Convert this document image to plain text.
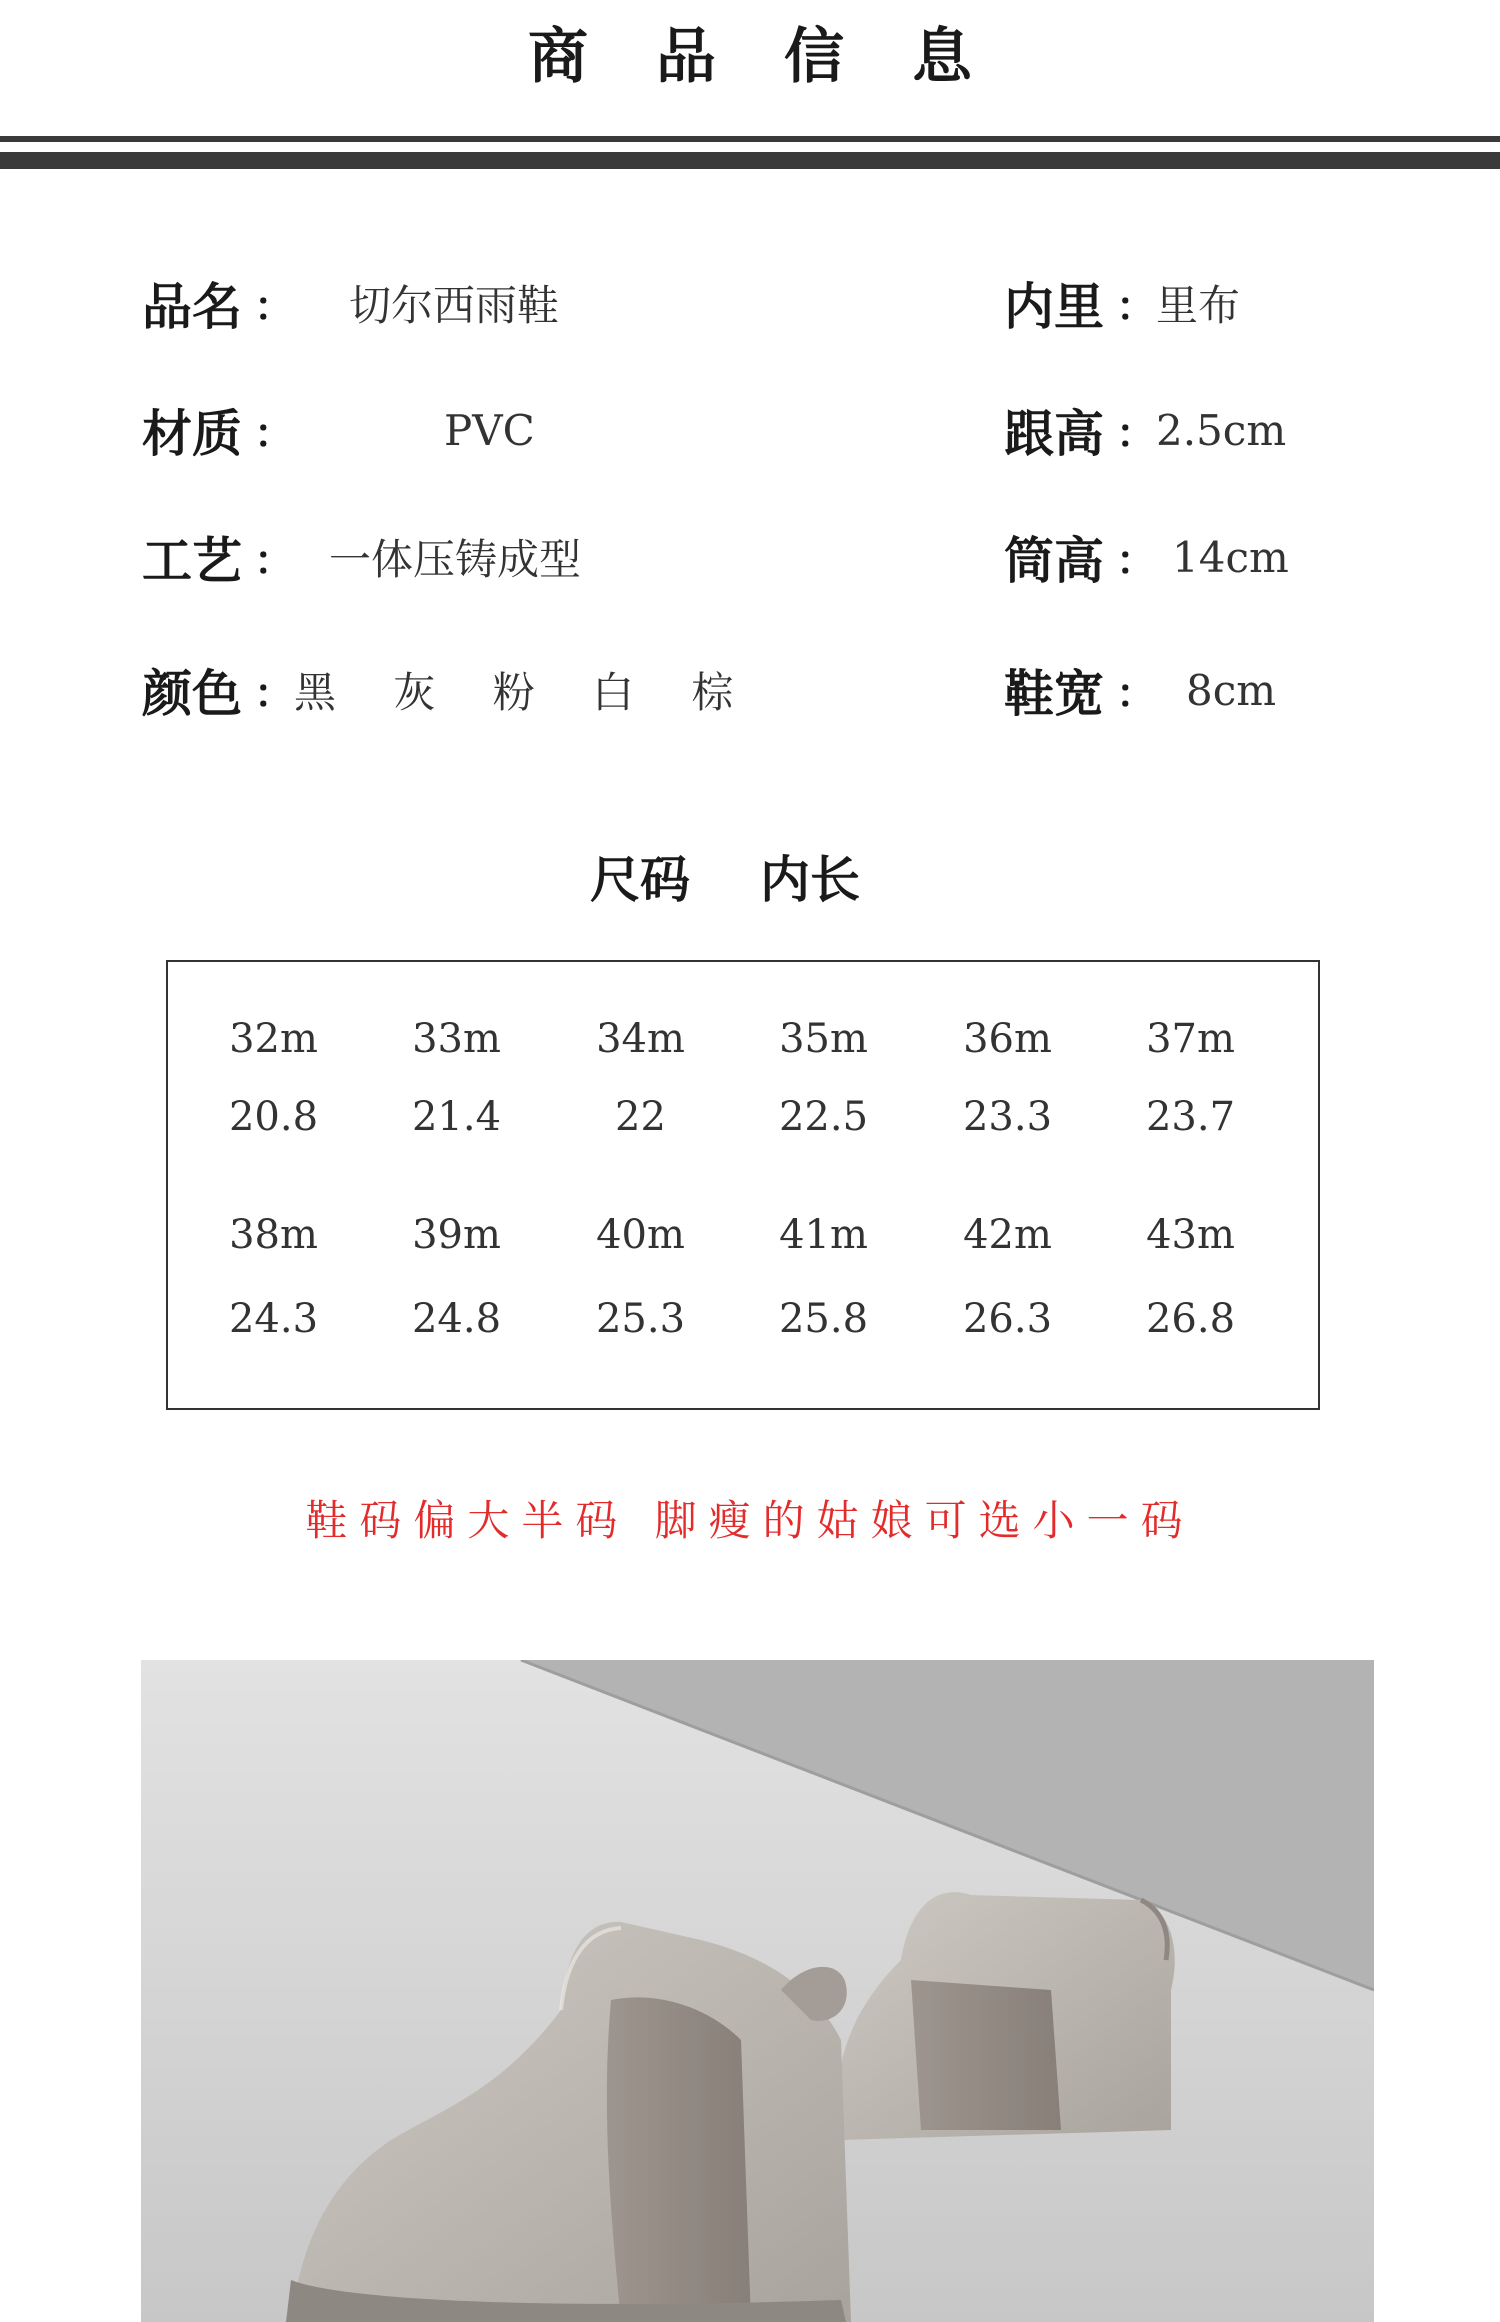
商品信息
品名 ： 切尔西雨鞋
材质 ：	PVC
工艺 ： 一体压铸成型
颜色 ： 黑 灰 粉 白 棕
内里 ： 里布
跟高 ： 2.5cm
筒高 ： 14cm
鞋宽 ： 8cm
尺码 内长
32m	33m	34m	35m	36m	37m
20.8	21.4	22	22.5	23.3	23.7
38m	39m	40m	41m	42m	43m
24.3	24.8	25.3	25.8	26.3	26.8
鞋码偏大半码 脚瘦的姑娘可选小一码
